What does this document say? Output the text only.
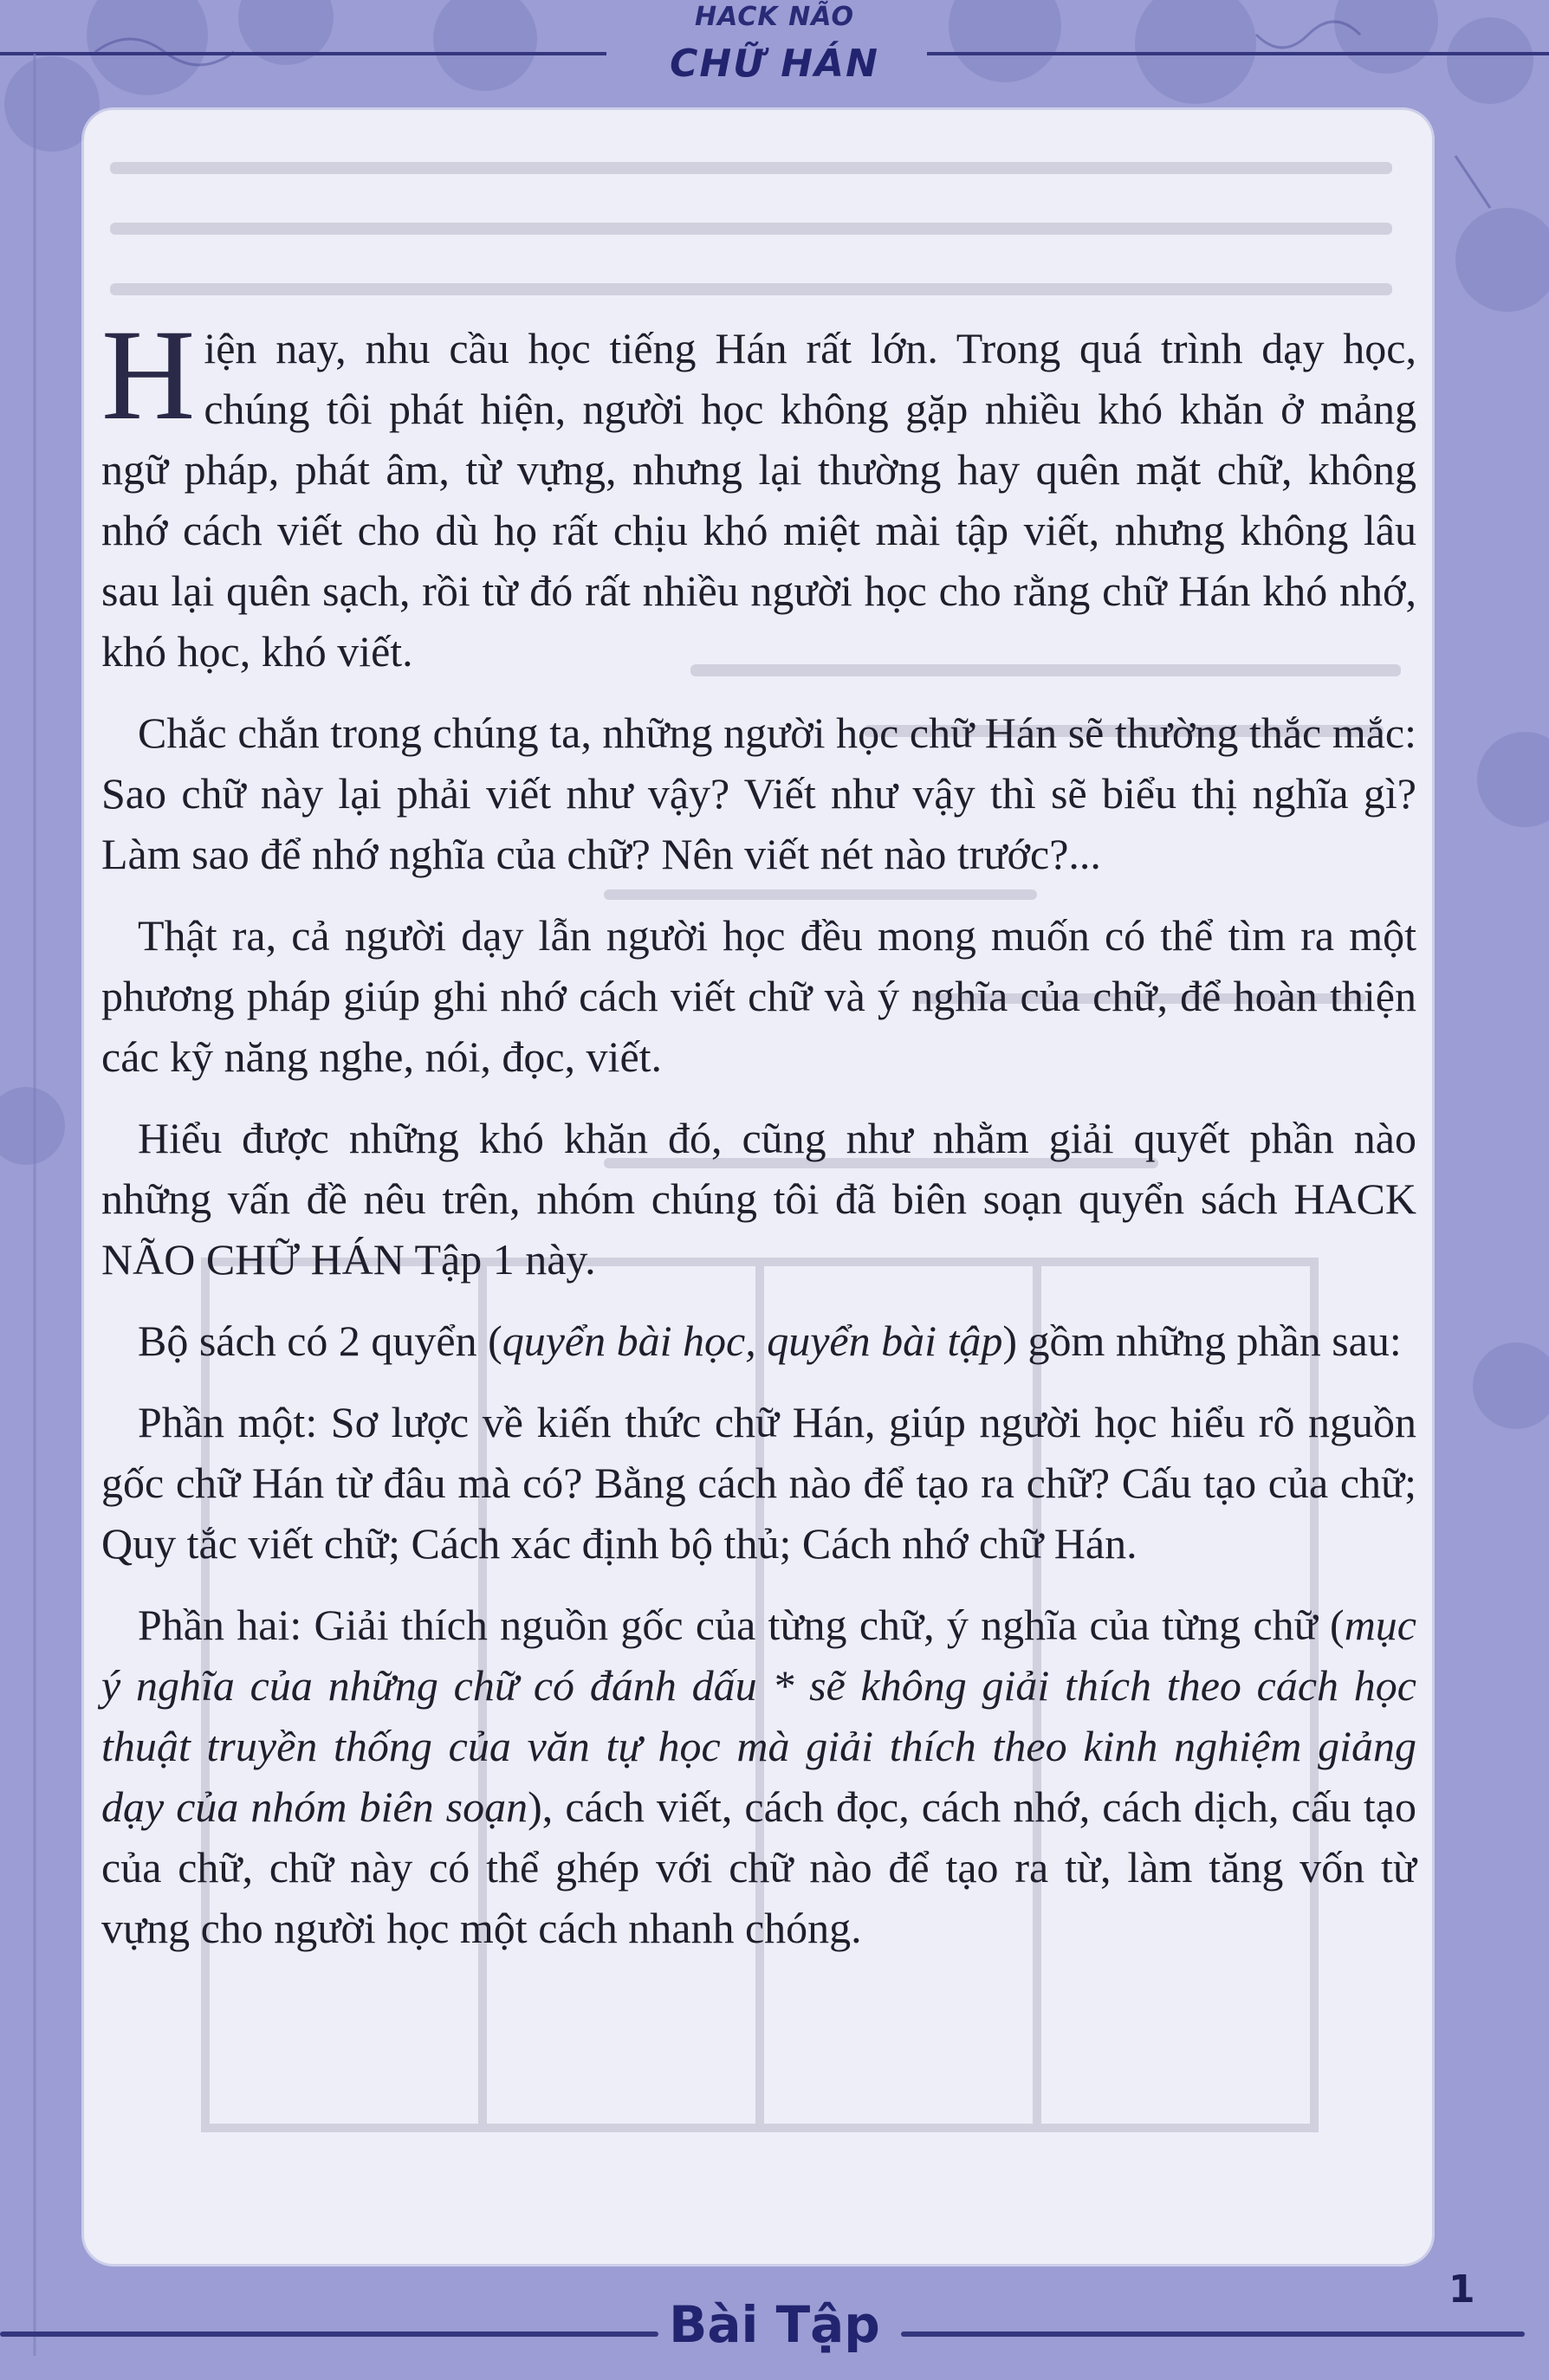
HACK NÃO
CHỮ HÁN

Hiện nay, nhu cầu học tiếng Hán rất lớn. Trong quá trình dạy học, chúng tôi phát hiện, người học không gặp nhiều khó khăn ở mảng ngữ pháp, phát âm, từ vựng, nhưng lại thường hay quên mặt chữ, không nhớ cách viết cho dù họ rất chịu khó miệt mài tập viết, nhưng không lâu sau lại quên sạch, rồi từ đó rất nhiều người học cho rằng chữ Hán khó nhớ, khó học, khó viết.

Chắc chắn trong chúng ta, những người học chữ Hán sẽ thường thắc mắc: Sao chữ này lại phải viết như vậy? Viết như vậy thì sẽ biểu thị nghĩa gì? Làm sao để nhớ nghĩa của chữ? Nên viết nét nào trước?...

Thật ra, cả người dạy lẫn người học đều mong muốn có thể tìm ra một phương pháp giúp ghi nhớ cách viết chữ và ý nghĩa của chữ, để hoàn thiện các kỹ năng nghe, nói, đọc, viết.

Hiểu được những khó khăn đó, cũng như nhằm giải quyết phần nào những vấn đề nêu trên, nhóm chúng tôi đã biên soạn quyển sách HACK NÃO CHỮ HÁN Tập 1 này.

Bộ sách có 2 quyển (quyển bài học, quyển bài tập) gồm những phần sau:

Phần một: Sơ lược về kiến thức chữ Hán, giúp người học hiểu rõ nguồn gốc chữ Hán từ đâu mà có? Bằng cách nào để tạo ra chữ? Cấu tạo của chữ; Quy tắc viết chữ; Cách xác định bộ thủ; Cách nhớ chữ Hán.

Phần hai: Giải thích nguồn gốc của từng chữ, ý nghĩa của từng chữ (mục ý nghĩa của những chữ có đánh dấu * sẽ không giải thích theo cách học thuật truyền thống của văn tự học mà giải thích theo kinh nghiệm giảng dạy của nhóm biên soạn), cách viết, cách đọc, cách nhớ, cách dịch, cấu tạo của chữ, chữ này có thể ghép với chữ nào để tạo ra từ, làm tăng vốn từ vựng cho người học một cách nhanh chóng.

Bài Tập
1
